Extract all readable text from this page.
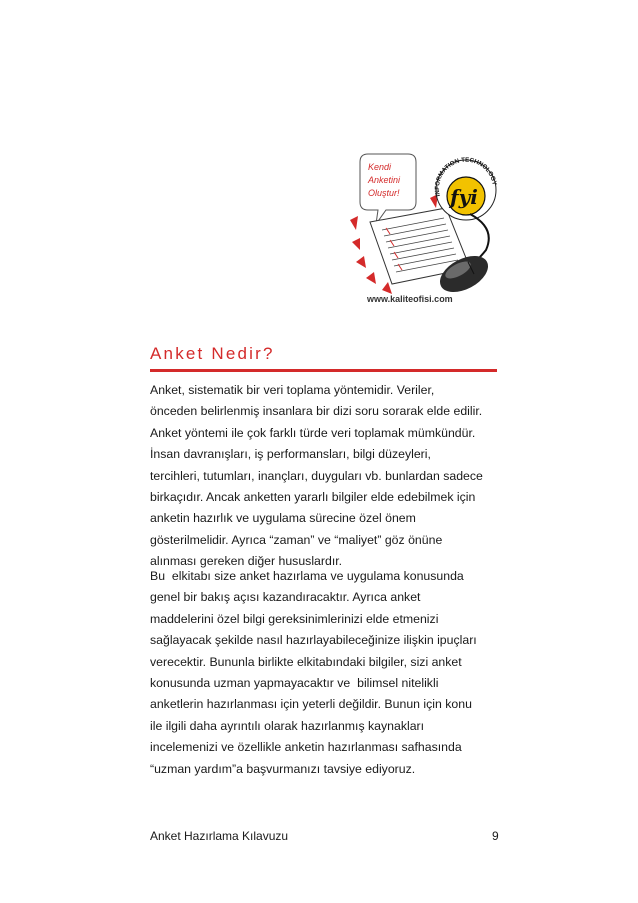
Kendi
Anketini
Oluştur!	INFORMATION TECHNOLOGY
fyi
www.kaliteofisi.com
Anket Nedir?
Anket, sistematik bir veri toplama yöntemidir. Veriler,
önceden belirlenmiş insanlara bir dizi soru sorarak elde edilir.
Anket yöntemi ile çok farklı türde veri toplamak mümkündür.
İnsan davranışları, iş performansları, bilgi düzeyleri,
tercihleri, tutumları, inançları, duyguları vb. bunlardan sadece
birkaçıdır. Ancak anketten yararlı bilgiler elde edebilmek için
anketin hazırlık ve uygulama sürecine özel önem
gösterilmelidir. Ayrıca “zaman” ve “maliyet” göz önüne
alınması gereken diğer hususlardır.
Bu  elkitabı size anket hazırlama ve uygulama konusunda
genel bir bakış açısı kazandıracaktır. Ayrıca anket
maddelerini özel bilgi gereksinimlerinizi elde etmenizi
sağlayacak şekilde nasıl hazırlayabileceğinize ilişkin ipuçları
verecektir. Bununla birlikte elkitabındaki bilgiler, sizi anket
konusunda uzman yapmayacaktır ve  bilimsel nitelikli
anketlerin hazırlanması için yeterli değildir. Bunun için konu
ile ilgili daha ayrıntılı olarak hazırlanmış kaynakları
incelemenizi ve özellikle anketin hazırlanması safhasında
“uzman yardım”a başvurmanızı tavsiye ediyoruz.
Anket Hazırlama Kılavuzu	9
